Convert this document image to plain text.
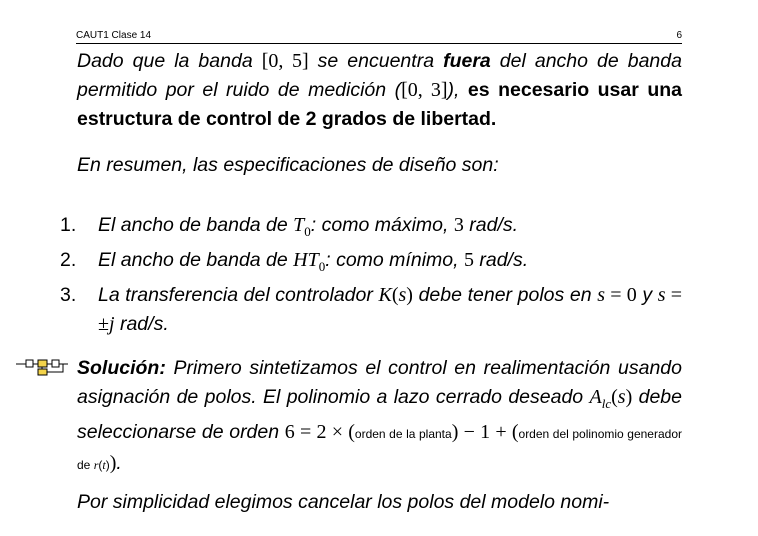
CAUT1 Clase 14	6
Dado que la banda [0, 5] se encuentra fuera del ancho de banda permitido por el ruido de medición ([0, 3]), es necesario usar una estructura de control de 2 grados de libertad.
En resumen, las especificaciones de diseño son:
1. El ancho de banda de $T_0$: como máximo, 3 rad/s.
2. El ancho de banda de $HT_0$: como mínimo, 5 rad/s.
3. La transferencia del controlador K(s) debe tener polos en s = 0 y s = ±j rad/s.
Solución: Primero sintetizamos el control en realimentación usando asignación de polos. El polinomio a lazo cerrado deseado $A_{lc}(s)$ debe seleccionarse de orden 6 = 2 × (orden de la planta) − 1 + (orden del polinomio generador de r(t)).
Por simplicidad elegimos cancelar los polos del modelo nomi-
